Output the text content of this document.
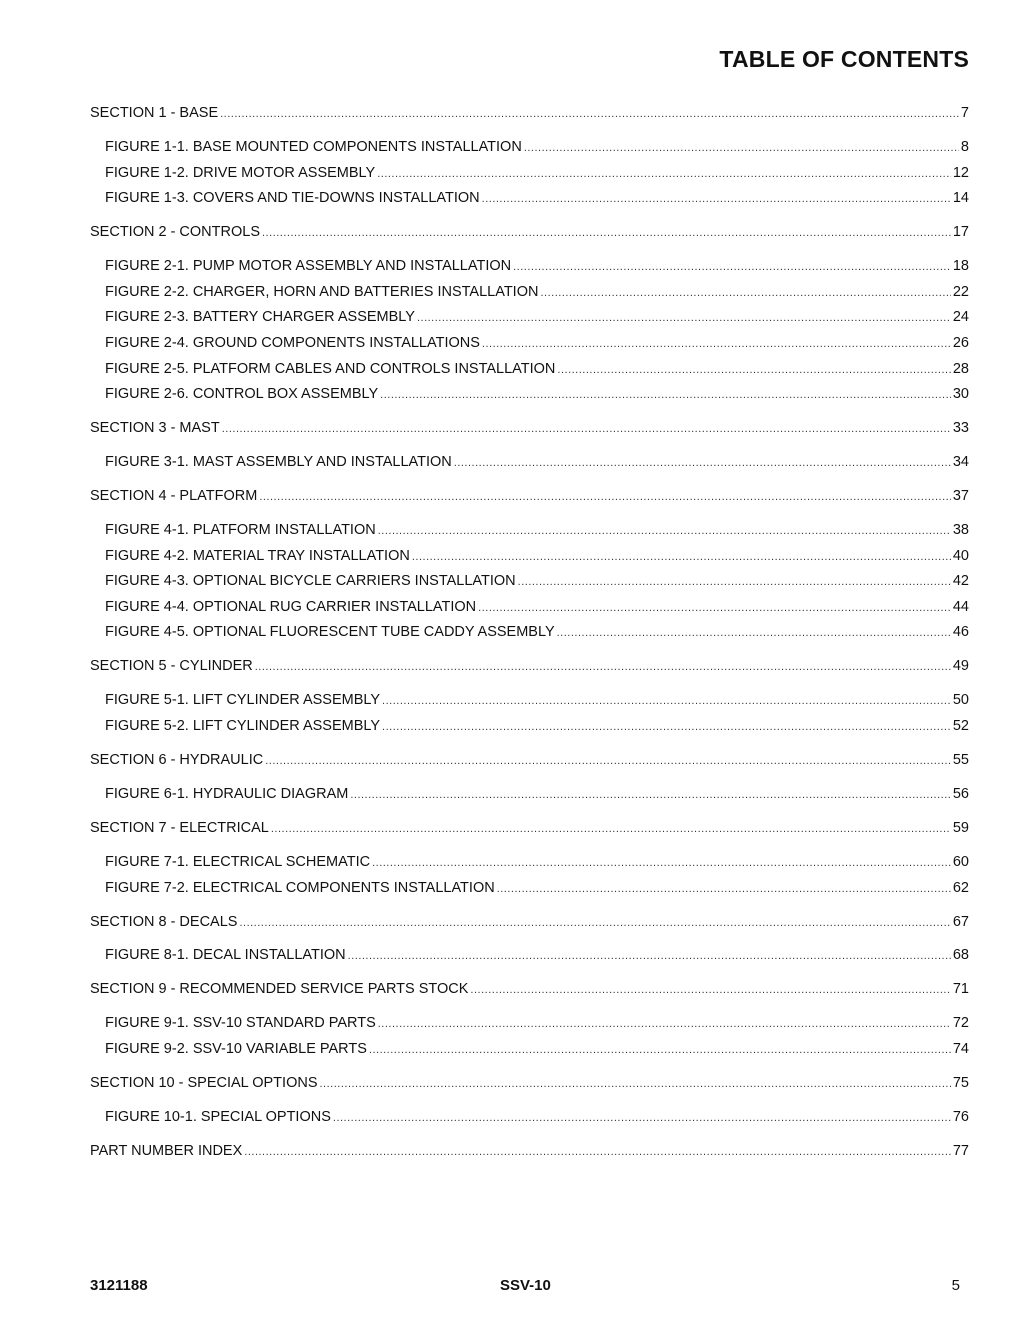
TABLE OF CONTENTS
SECTION 1 - BASE .....	7
FIGURE 1-1. BASE MOUNTED COMPONENTS INSTALLATION .....	8
FIGURE 1-2. DRIVE MOTOR ASSEMBLY .....	12
FIGURE 1-3. COVERS AND TIE-DOWNS INSTALLATION .....	14
SECTION 2 - CONTROLS .....	17
FIGURE 2-1. PUMP MOTOR ASSEMBLY AND INSTALLATION .....	18
FIGURE 2-2. CHARGER, HORN AND BATTERIES INSTALLATION .....	22
FIGURE 2-3. BATTERY CHARGER ASSEMBLY .....	24
FIGURE 2-4. GROUND COMPONENTS INSTALLATIONS .....	26
FIGURE 2-5. PLATFORM CABLES AND CONTROLS INSTALLATION .....	28
FIGURE 2-6. CONTROL BOX ASSEMBLY .....	30
SECTION 3 - MAST .....	33
FIGURE 3-1. MAST ASSEMBLY AND INSTALLATION .....	34
SECTION 4 - PLATFORM .....	37
FIGURE 4-1. PLATFORM INSTALLATION .....	38
FIGURE 4-2. MATERIAL TRAY INSTALLATION .....	40
FIGURE 4-3. OPTIONAL BICYCLE CARRIERS INSTALLATION .....	42
FIGURE 4-4. OPTIONAL RUG CARRIER INSTALLATION .....	44
FIGURE 4-5. OPTIONAL FLUORESCENT TUBE CADDY ASSEMBLY .....	46
SECTION 5 - CYLINDER .....	49
FIGURE 5-1. LIFT CYLINDER ASSEMBLY .....	50
FIGURE 5-2. LIFT CYLINDER ASSEMBLY .....	52
SECTION 6 - HYDRAULIC .....	55
FIGURE 6-1. HYDRAULIC DIAGRAM .....	56
SECTION 7 - ELECTRICAL .....	59
FIGURE 7-1. ELECTRICAL SCHEMATIC .....	60
FIGURE 7-2. ELECTRICAL COMPONENTS INSTALLATION .....	62
SECTION 8 - DECALS .....	67
FIGURE 8-1. DECAL INSTALLATION .....	68
SECTION 9 - RECOMMENDED SERVICE PARTS STOCK .....	71
FIGURE 9-1. SSV-10 STANDARD PARTS .....	72
FIGURE 9-2. SSV-10 VARIABLE PARTS .....	74
SECTION 10 - SPECIAL OPTIONS .....	75
FIGURE 10-1. SPECIAL OPTIONS .....	76
PART NUMBER INDEX .....	77
3121188	SSV-10	5
